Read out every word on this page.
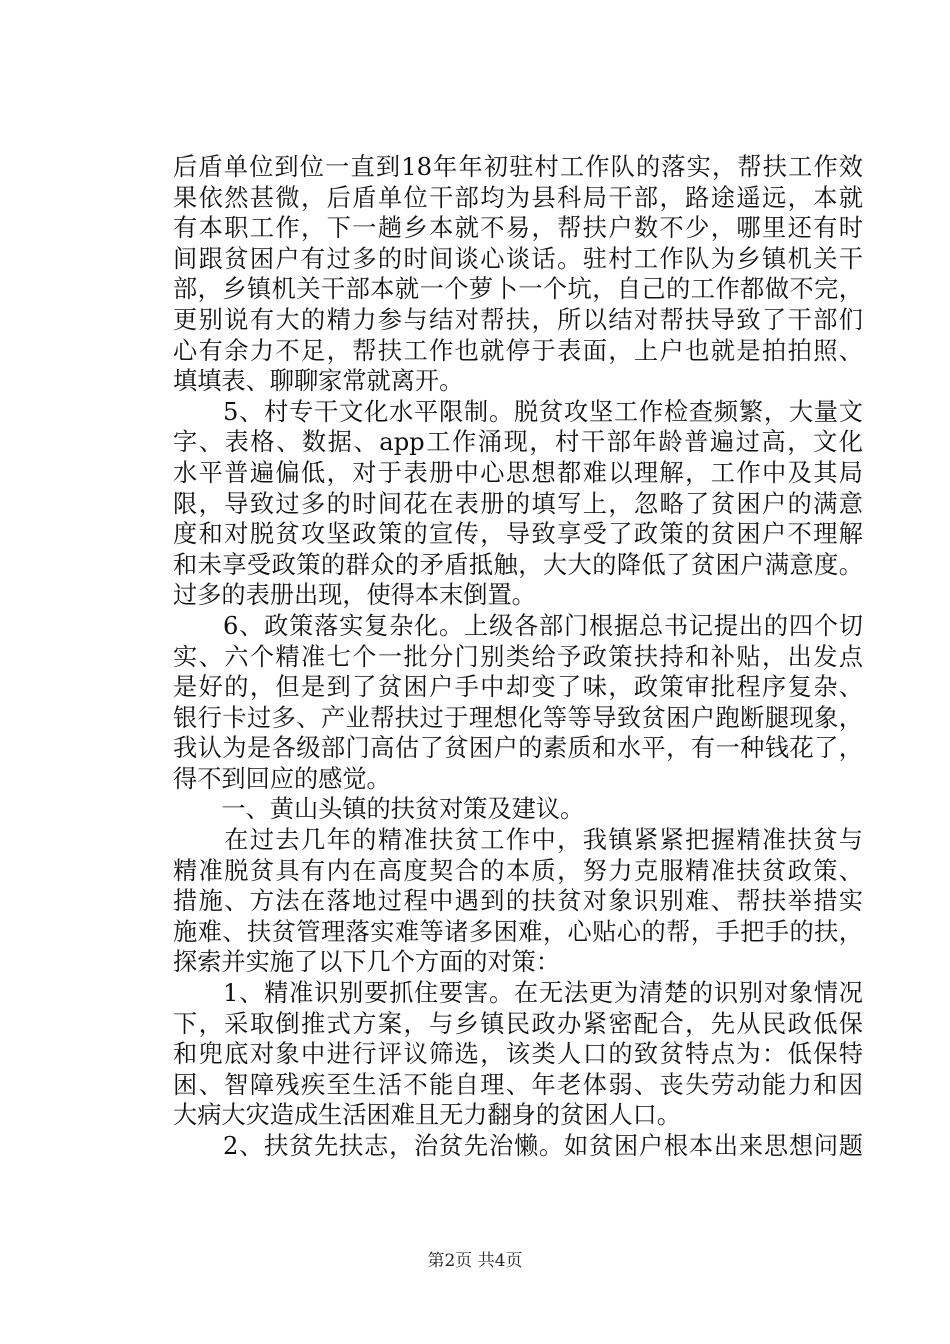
后盾单位到位一直到18年年初驻村工作队的落实，帮扶工作效
果依然甚微，后盾单位干部均为县科局干部，路途遥远，本就
有本职工作，下一趟乡本就不易，帮扶户数不少，哪里还有时
间跟贫困户有过多的时间谈心谈话。驻村工作队为乡镇机关干
部，乡镇机关干部本就一个萝卜一个坑，自己的工作都做不完，
更别说有大的精力参与结对帮扶，所以结对帮扶导致了干部们
心有余力不足，帮扶工作也就停于表面，上户也就是拍拍照、
填填表、聊聊家常就离开。
　　5、村专干文化水平限制。脱贫攻坚工作检查频繁，大量文
字、表格、数据、app工作涌现，村干部年龄普遍过高，文化
水平普遍偏低，对于表册中心思想都难以理解，工作中及其局
限，导致过多的时间花在表册的填写上，忽略了贫困户的满意
度和对脱贫攻坚政策的宣传，导致享受了政策的贫困户不理解
和未享受政策的群众的矛盾抵触，大大的降低了贫困户满意度。
过多的表册出现，使得本末倒置。
　　6、政策落实复杂化。上级各部门根据总书记提出的四个切
实、六个精准七个一批分门别类给予政策扶持和补贴，出发点
是好的，但是到了贫困户手中却变了味，政策审批程序复杂、
银行卡过多、产业帮扶过于理想化等等导致贫困户跑断腿现象，
我认为是各级部门高估了贫困户的素质和水平，有一种钱花了，
得不到回应的感觉。
　　一、黄山头镇的扶贫对策及建议。
　　在过去几年的精准扶贫工作中，我镇紧紧把握精准扶贫与
精准脱贫具有内在高度契合的本质，努力克服精准扶贫政策、
措施、方法在落地过程中遇到的扶贫对象识别难、帮扶举措实
施难、扶贫管理落实难等诸多困难，心贴心的帮，手把手的扶，
探索并实施了以下几个方面的对策：
　　1、精准识别要抓住要害。在无法更为清楚的识别对象情况
下，采取倒推式方案，与乡镇民政办紧密配合，先从民政低保
和兜底对象中进行评议筛选，该类人口的致贫特点为：低保特
困、智障残疾至生活不能自理、年老体弱、丧失劳动能力和因
大病大灾造成生活困难且无力翻身的贫困人口。
　　2、扶贫先扶志，治贫先治懒。如贫困户根本出来思想问题
第2页 共4页
